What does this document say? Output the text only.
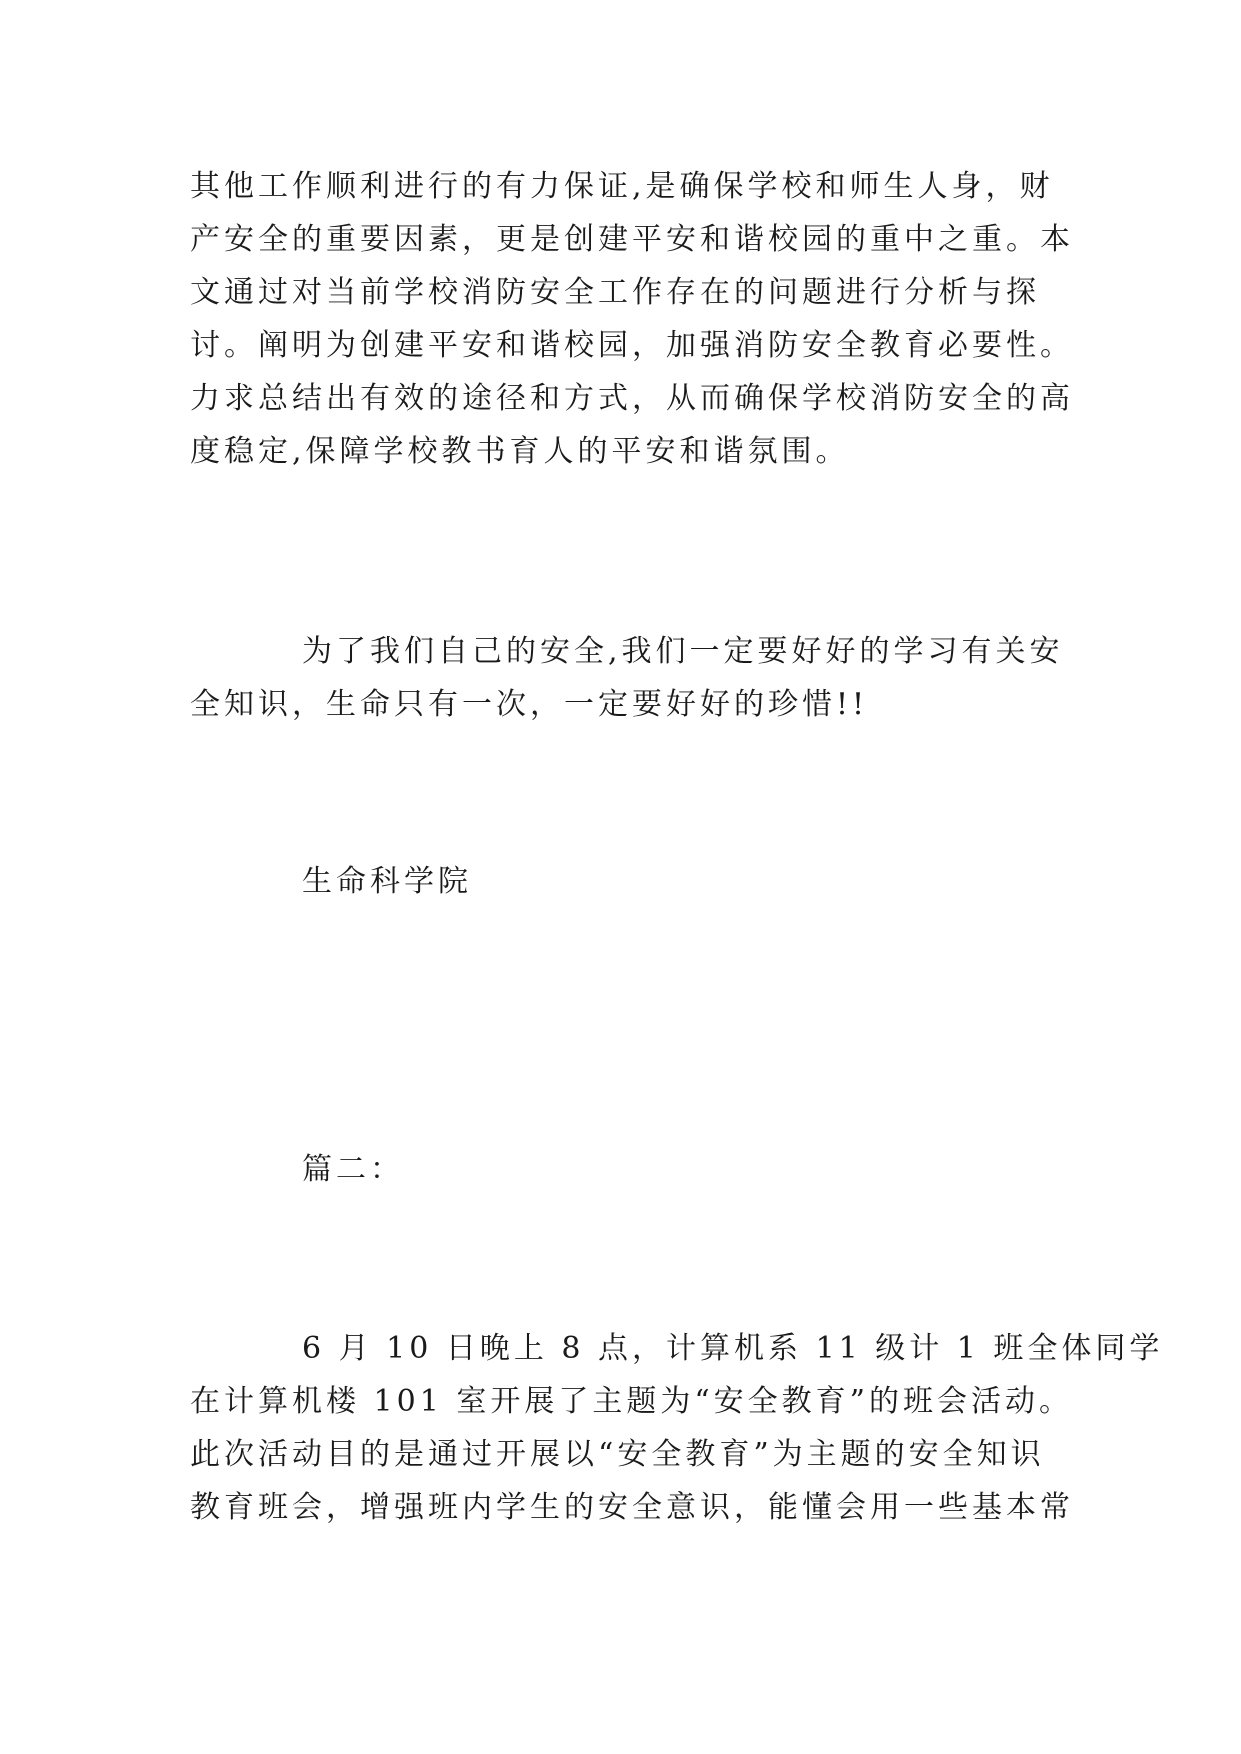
其他工作顺利进行的有力保证,是确保学校和师生人身，财
产安全的重要因素，更是创建平安和谐校园的重中之重。本
文通过对当前学校消防安全工作存在的问题进行分析与探
讨。阐明为创建平安和谐校园，加强消防安全教育必要性。
力求总结出有效的途径和方式，从而确保学校消防安全的高
度稳定,保障学校教书育人的平安和谐氛围。
为了我们自己的安全,我们一定要好好的学习有关安
全知识，生命只有一次，一定要好好的珍惜!!

生命科学院

篇二：

6 月 10 日晚上 8 点，计算机系 11 级计 1 班全体同学
在计算机楼 101 室开展了主题为“安全教育”的班会活动。
此次活动目的是通过开展以“安全教育”为主题的安全知识
教育班会，增强班内学生的安全意识，能懂会用一些基本常
